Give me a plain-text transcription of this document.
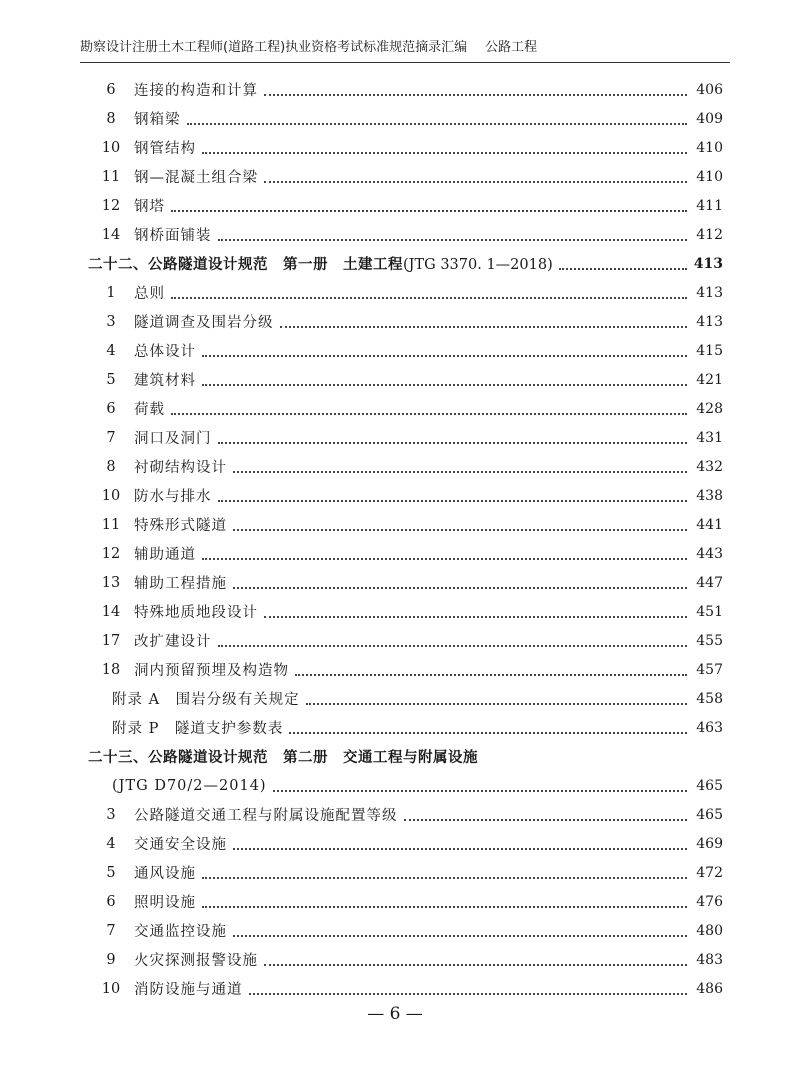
勘察设计注册土木工程师(道路工程)执业资格考试标准规范摘录汇编 公路工程
6	连接的构造和计算	406
8	钢箱梁	409
10 钢管结构	410
11 钢—混凝土组合梁	410
12 钢塔	411
14 钢桥面铺装	412
二十二、公路隧道设计规范　第一册　土建工程(JTG 3370. 1—2018)	413
1	总则	413
3	隧道调查及围岩分级	413
4	总体设计	415
5	建筑材料	421
6	荷载	428
7	洞口及洞门	431
8	衬砌结构设计	432
10 防水与排水	438
11 特殊形式隧道	441
12 辅助通道	443
13 辅助工程措施	447
14 特殊地质地段设计	451
17 改扩建设计	455
18 洞内预留预埋及构造物	457
附录 A　围岩分级有关规定	458
附录 P　隧道支护参数表	463
二十三、公路隧道设计规范　第二册　交通工程与附属设施
(JTG D70/2—2014)	465
3	公路隧道交通工程与附属设施配置等级	465
4	交通安全设施	469
5	通风设施	472
6	照明设施	476
7	交通监控设施	480
9	火灾探测报警设施	483
10 消防设施与通道	486
— 6 —
